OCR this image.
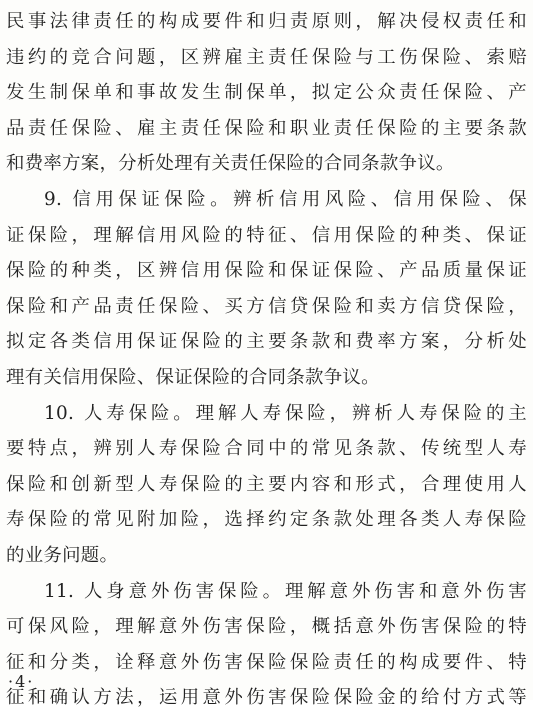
民事法律责任的构成要件和归责原则，解决侵权责任和
违约的竞合问题，区辨雇主责任保险与工伤保险、索赔
发生制保单和事故发生制保单，拟定公众责任保险、产
品责任保险、雇主责任保险和职业责任保险的主要条款
和费率方案，分析处理有关责任保险的合同条款争议。
9. 信用保证保险。辨析信用风险、信用保险、保
证保险，理解信用风险的特征、信用保险的种类、保证
保险的种类，区辨信用保险和保证保险、产品质量保证
保险和产品责任保险、买方信贷保险和卖方信贷保险，
拟定各类信用保证保险的主要条款和费率方案，分析处
理有关信用保险、保证保险的合同条款争议。
10. 人寿保险。理解人寿保险，辨析人寿保险的主
要特点，辨别人寿保险合同中的常见条款、传统型人寿
保险和创新型人寿保险的主要内容和形式，合理使用人
寿保险的常见附加险，选择约定条款处理各类人寿保险
的业务问题。
11. 人身意外伤害保险。理解意外伤害和意外伤害
可保风险，理解意外伤害保险，概括意外伤害保险的特
征和分类，诠释意外伤害保险保险责任的构成要件、特
征和确认方法，运用意外伤害保险保险金的给付方式等
·4·
